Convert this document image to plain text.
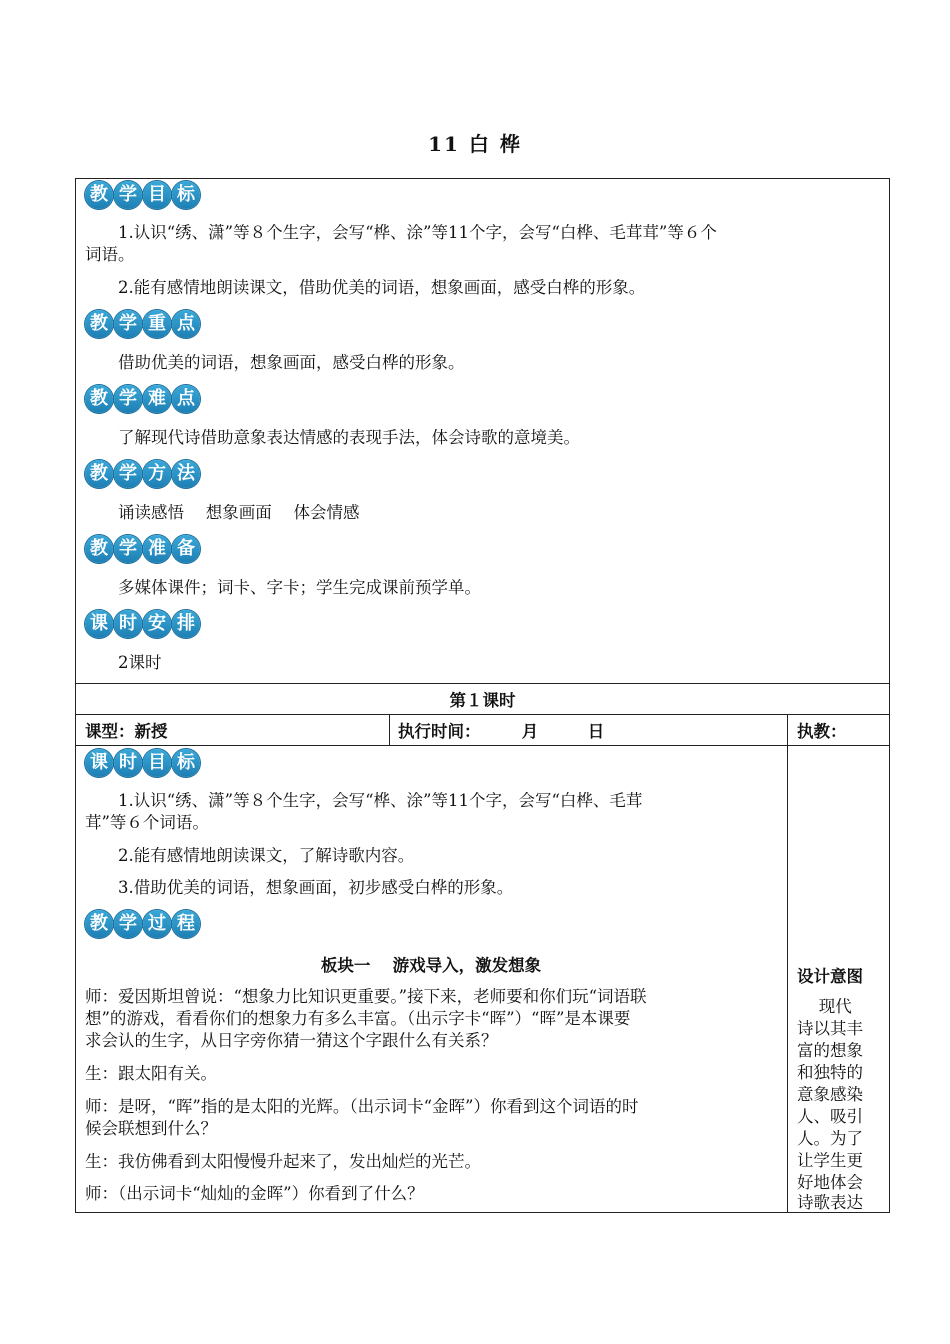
11 白 桦
教 学 目 标
1.认识“绣、潇”等８个生字，会写“桦、涂”等11个字，会写“白桦、毛茸茸”等６个
词语。
2.能有感情地朗读课文，借助优美的词语，想象画面，感受白桦的形象。
教 学 重 点
借助优美的词语，想象画面，感受白桦的形象。
教 学 难 点
了解现代诗借助意象表达情感的表现手法，体会诗歌的意境美。
教 学 方 法
诵读感悟　 想象画面　 体会情感
教 学 准 备
多媒体课件；词卡、字卡；学生完成课前预学单。
课 时 安 排
2课时
第１课时
课型：新授	执行时间：　　　月　　　日	执教：
课 时 目 标
1.认识“绣、潇”等８个生字，会写“桦、涂”等11个字，会写“白桦、毛茸
茸”等６个词语。
2.能有感情地朗读课文，了解诗歌内容。
3.借助优美的词语，想象画面，初步感受白桦的形象。
教 学 过 程
板块一　 游戏导入，激发想象
师：爱因斯坦曾说：“想象力比知识更重要。”接下来，老师要和你们玩“词语联
想”的游戏，看看你们的想象力有多么丰富。（出示字卡“晖”）“晖”是本课要
求会认的生字，从日字旁你猜一猜这个字跟什么有关系？
生：跟太阳有关。
师：是呀，“晖”指的是太阳的光辉。（出示词卡“金晖”）你看到这个词语的时
候会联想到什么？
生：我仿佛看到太阳慢慢升起来了，发出灿烂的光芒。
师：（出示词卡“灿灿的金晖”）你看到了什么？
设计意图
　 现代
诗以其丰
富的想象
和独特的
意象感染
人、吸引
人。为了
让学生更
好地体会
诗歌表达
